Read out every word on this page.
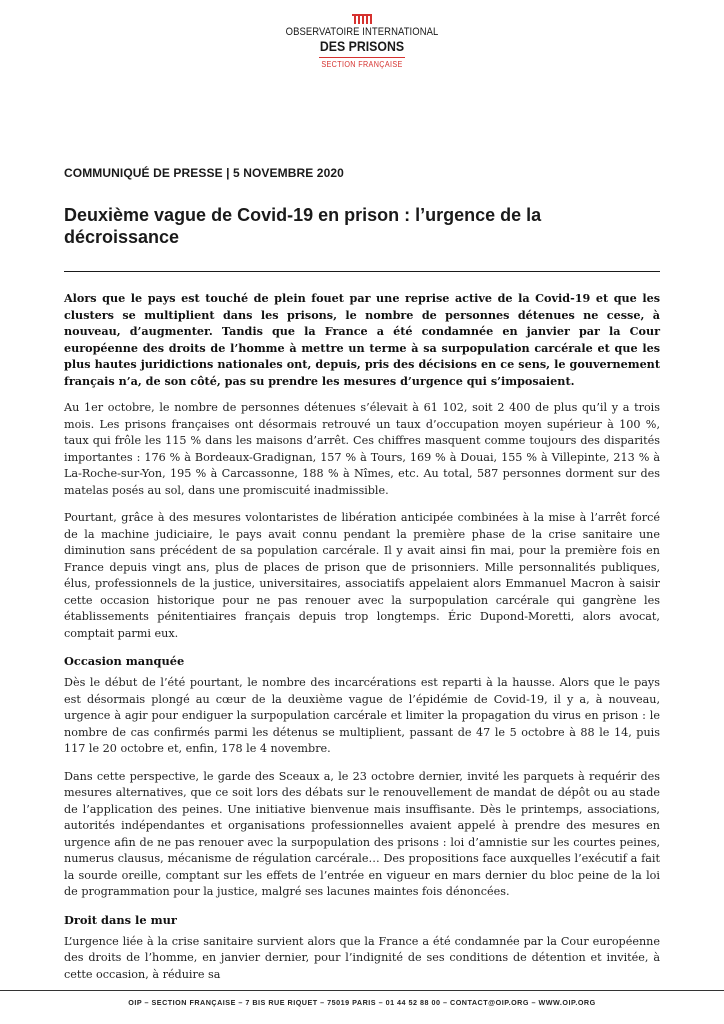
OBSERVATOIRE INTERNATIONAL
DES PRISONS
SECTION FRANÇAISE
COMMUNIQUÉ DE PRESSE | 5 NOVEMBRE 2020
Deuxième vague de Covid-19 en prison : l’urgence de la décroissance

Alors que le pays est touché de plein fouet par une reprise active de la Covid-19 et que les clusters se multiplient dans les prisons, le nombre de personnes détenues ne cesse, à nouveau, d’augmenter. Tandis que la France a été condamnée en janvier par la Cour européenne des droits de l’homme à mettre un terme à sa surpopulation carcérale et que les plus hautes juridictions nationales ont, depuis, pris des décisions en ce sens, le gouvernement français n’a, de son côté, pas su prendre les mesures d’urgence qui s’imposaient.

Au 1er octobre, le nombre de personnes détenues s’élevait à 61 102, soit 2 400 de plus qu’il y a trois mois. Les prisons françaises ont désormais retrouvé un taux d’occupation moyen supérieur à 100 %, taux qui frôle les 115 % dans les maisons d’arrêt. Ces chiffres masquent comme toujours des disparités importantes : 176 % à Bordeaux-Gradignan, 157 % à Tours, 169 % à Douai, 155 % à Villepinte, 213 % à La-Roche-sur-Yon, 195 % à Carcassonne, 188 % à Nîmes, etc. Au total, 587 personnes dorment sur des matelas posés au sol, dans une promiscuité inadmissible.

Pourtant, grâce à des mesures volontaristes de libération anticipée combinées à la mise à l’arrêt forcé de la machine judiciaire, le pays avait connu pendant la première phase de la crise sanitaire une diminution sans précédent de sa population carcérale. Il y avait ainsi fin mai, pour la première fois en France depuis vingt ans, plus de places de prison que de prisonniers. Mille personnalités publiques, élus, professionnels de la justice, universitaires, associatifs appelaient alors Emmanuel Macron à saisir cette occasion historique pour ne pas renouer avec la surpopulation carcérale qui gangrène les établissements pénitentiaires français depuis trop longtemps. Éric Dupond-Moretti, alors avocat, comptait parmi eux.

Occasion manquée

Dès le début de l’été pourtant, le nombre des incarcérations est reparti à la hausse. Alors que le pays est désormais plongé au cœur de la deuxième vague de l’épidémie de Covid-19, il y a, à nouveau, urgence à agir pour endiguer la surpopulation carcérale et limiter la propagation du virus en prison : le nombre de cas confirmés parmi les détenus se multiplient, passant de 47 le 5 octobre à 88 le 14, puis 117 le 20 octobre et, enfin, 178 le 4 novembre.

Dans cette perspective, le garde des Sceaux a, le 23 octobre dernier, invité les parquets à requérir des mesures alternatives, que ce soit lors des débats sur le renouvellement de mandat de dépôt ou au stade de l’application des peines. Une initiative bienvenue mais insuffisante. Dès le printemps, associations, autorités indépendantes et organisations professionnelles avaient appelé à prendre des mesures en urgence afin de ne pas renouer avec la surpopulation des prisons : loi d’amnistie sur les courtes peines, numerus clausus, mécanisme de régulation carcérale… Des propositions face auxquelles l’exécutif a fait la sourde oreille, comptant sur les effets de l’entrée en vigueur en mars dernier du bloc peine de la loi de programmation pour la justice, malgré ses lacunes maintes fois dénoncées.

Droit dans le mur

L’urgence liée à la crise sanitaire survient alors que la France a été condamnée par la Cour européenne des droits de l’homme, en janvier dernier, pour l’indignité de ses conditions de détention et invitée, à cette occasion, à réduire sa

OIP – SECTION FRANÇAISE – 7 BIS RUE RIQUET – 75019 PARIS – 01 44 52 88 00 – CONTACT@OIP.ORG – WWW.OIP.ORG
